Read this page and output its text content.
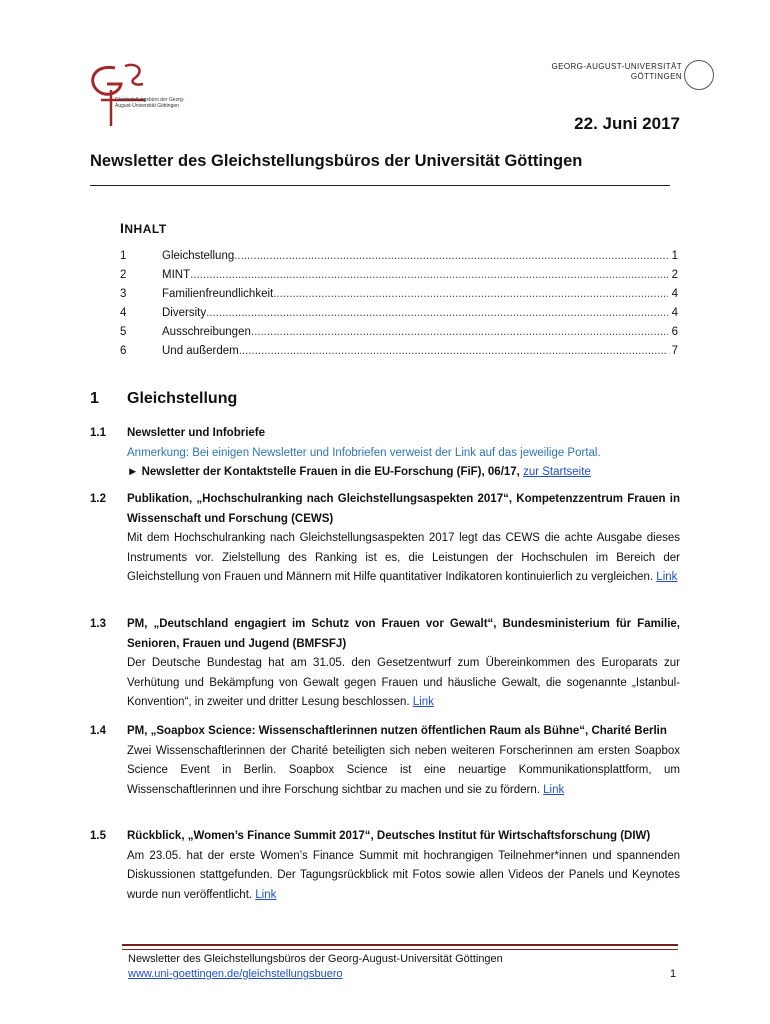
Gleichstellungsbüro der Georg-August-Universität Göttingen
GEORG-AUGUST-UNIVERSITÄT
GÖTTINGEN
22. Juni 2017
Newsletter des Gleichstellungsbüros der Universität Göttingen
INHALT
1	Gleichstellung .....	1
2	MINT .....	2
3	Familienfreundlichkeit .....	4
4	Diversity .....	4
5	Ausschreibungen .....	6
6	Und außerdem .....	7
1 Gleichstellung
1.1 Newsletter und Infobriefe
Anmerkung: Bei einigen Newsletter und Infobriefen verweist der Link auf das jeweilige Portal.
► Newsletter der Kontaktstelle Frauen in die EU-Forschung (FiF), 06/17, zur Startseite
1.2 Publikation, „Hochschulranking nach Gleichstellungsaspekten 2017“, Kompetenzzentrum Frauen in Wissenschaft und Forschung (CEWS)
Mit dem Hochschulranking nach Gleichstellungsaspekten 2017 legt das CEWS die achte Ausgabe dieses Instruments vor. Zielstellung des Ranking ist es, die Leistungen der Hochschulen im Bereich der Gleichstellung von Frauen und Männern mit Hilfe quantitativer Indikatoren kontinuierlich zu vergleichen. Link
1.3 PM, „Deutschland engagiert im Schutz von Frauen vor Gewalt“, Bundesministerium für Familie, Senioren, Frauen und Jugend (BMFSFJ)
Der Deutsche Bundestag hat am 31.05. den Gesetzentwurf zum Übereinkommen des Europarats zur Verhütung und Bekämpfung von Gewalt gegen Frauen und häusliche Gewalt, die sogenannte „Istanbul-Konvention“, in zweiter und dritter Lesung beschlossen. Link
1.4 PM, „Soapbox Science: Wissenschaftlerinnen nutzen öffentlichen Raum als Bühne“, Charité Berlin
Zwei Wissenschaftlerinnen der Charité beteiligten sich neben weiteren Forscherinnen am ersten Soapbox Science Event in Berlin. Soapbox Science ist eine neuartige Kommunikationsplattform, um Wissenschaftlerinnen und ihre Forschung sichtbar zu machen und sie zu fördern. Link
1.5 Rückblick, „Women’s Finance Summit 2017“, Deutsches Institut für Wirtschaftsforschung (DIW)
Am 23.05. hat der erste Women’s Finance Summit mit hochrangigen Teilnehmer*innen und spannenden Diskussionen stattgefunden. Der Tagungsrückblick mit Fotos sowie allen Videos der Panels und Keynotes wurde nun veröffentlicht. Link
Newsletter des Gleichstellungsbüros der Georg-August-Universität Göttingen
www.uni-goettingen.de/gleichstellungsbuero	1
